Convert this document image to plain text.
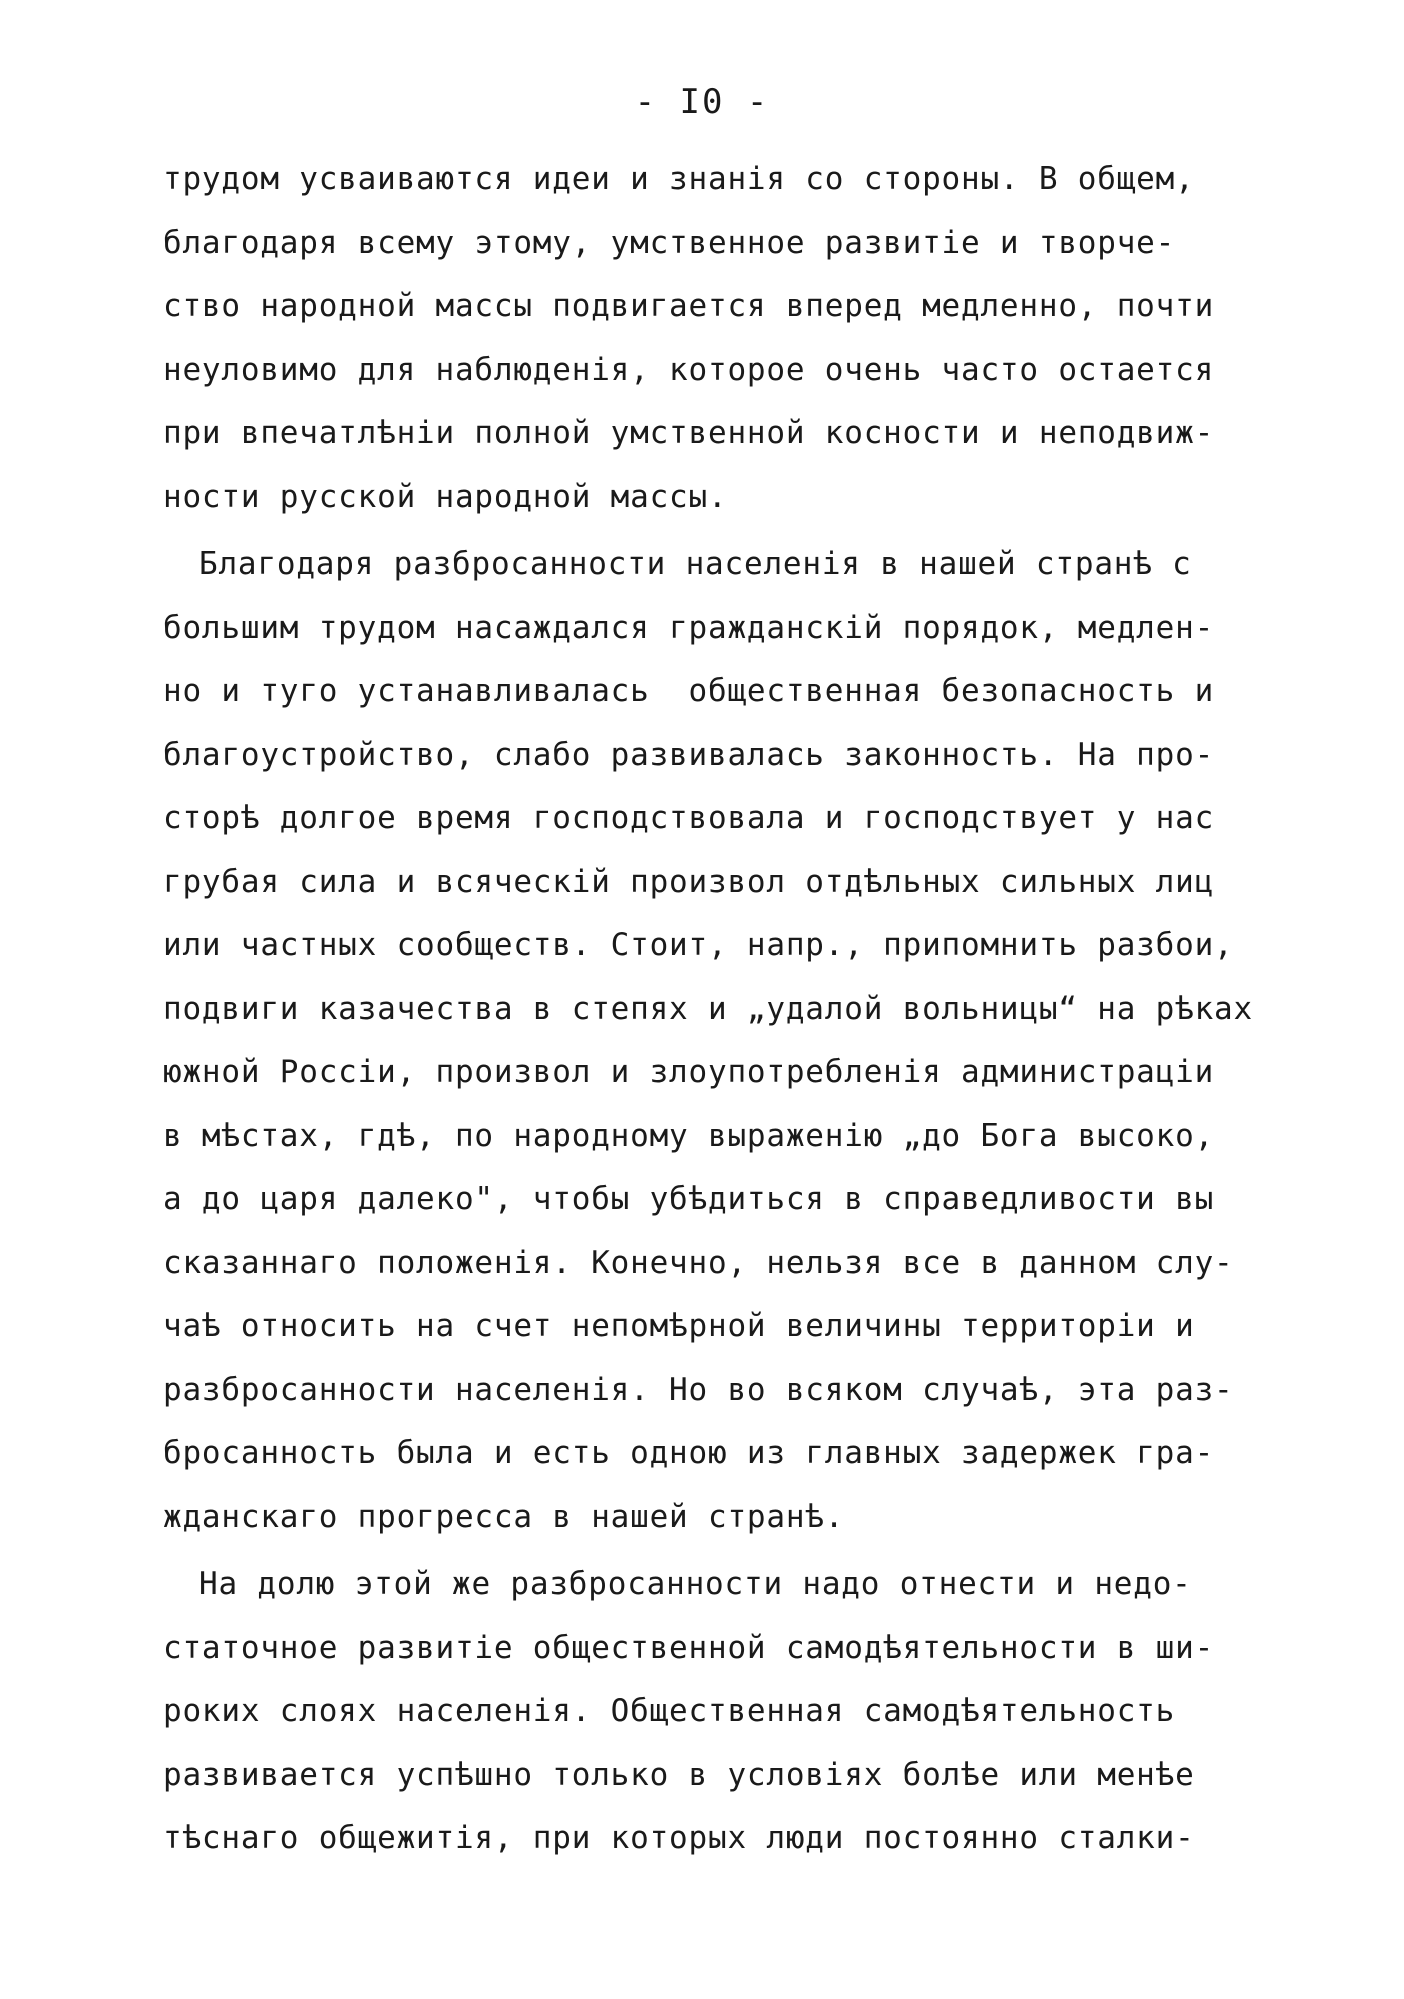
- I0 -
трудом усваиваются идеи и знанія со стороны. В общем,
благодаря всему этому, умственное развитіе и творче-
ство народной массы подвигается вперед медленно, почти
неуловимо для наблюденія, которое очень часто остается
при впечатлѣніи полной умственной косности и неподвиж-
ности русской народной массы.
Благодаря разбросанности населенія в нашей странѣ с
большим трудом насаждался гражданскій порядок, медлен-
но и туго устанавливалась  общественная безопасность и
благоустройство, слабо развивалась законность. На про-
сторѣ долгое время господствовала и господствует у нас
грубая сила и всяческій произвол отдѣльных сильных лиц
или частных сообществ. Стоит, напр., припомнить разбои,
подвиги казачества в степях и „удалой вольницы“ на рѣках
южной Россіи, произвол и злоупотребленія администраціи
в мѣстах, гдѣ, по народному выраженію „до Бога высоко,
а до царя далеко", чтобы убѣдиться в справедливости вы
сказаннаго положенія. Конечно, нельзя все в данном слу-
чаѣ относить на счет непомѣрной величины территоріи и
разбросанности населенія. Но во всяком случаѣ, эта раз-
бросанность была и есть одною из главных задержек гра-
жданскаго прогресса в нашей странѣ.
На долю этой же разбросанности надо отнести и недо-
статочное развитіе общественной самодѣятельности в ши-
роких слоях населенія. Общественная самодѣятельность
развивается успѣшно только в условіях болѣе или менѣе
тѣснаго общежитія, при которых люди постоянно сталки-
